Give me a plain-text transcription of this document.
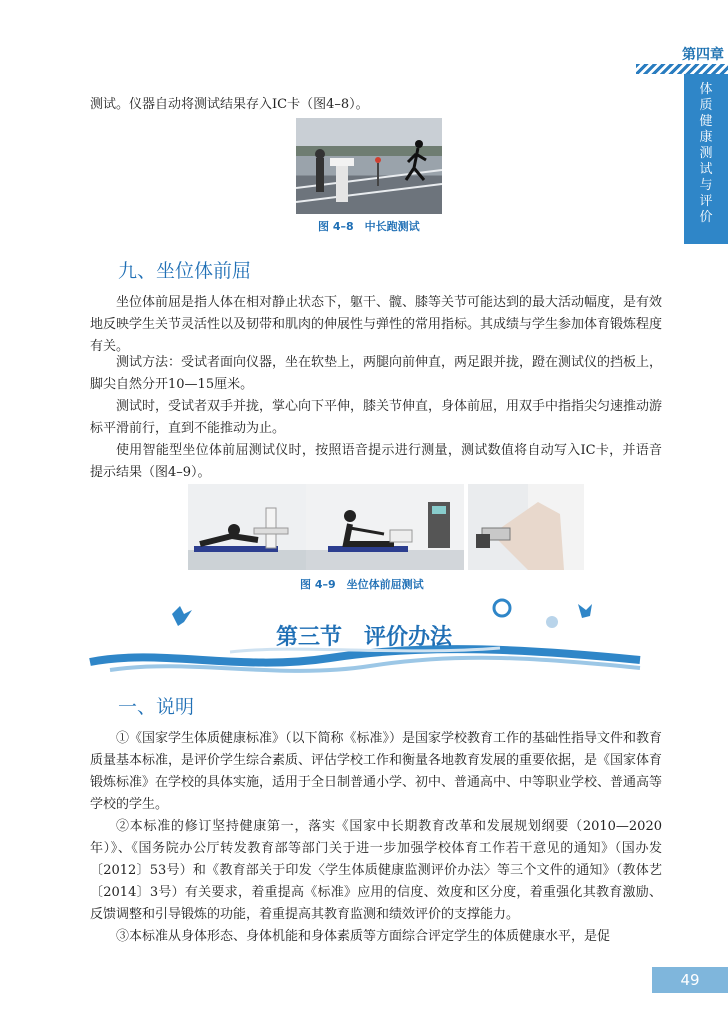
第四章
体质健康测试与评价

测试。仪器自动将测试结果存入IC卡（图4–8）。

图 4–8　中长跑测试
九、坐位体前屈

坐位体前屈是指人体在相对静止状态下，躯干、髋、膝等关节可能达到的最大活动幅度，是有效地反映学生关节灵活性以及韧带和肌肉的伸展性与弹性的常用指标。其成绩与学生参加体育锻炼程度有关。

测试方法：受试者面向仪器，坐在软垫上，两腿向前伸直，两足跟并拢，蹬在测试仪的挡板上，脚尖自然分开10—15厘米。

测试时，受试者双手并拢，掌心向下平伸，膝关节伸直，身体前屈，用双手中指指尖匀速推动游标平滑前行，直到不能推动为止。

使用智能型坐位体前屈测试仪时，按照语音提示进行测量，测试数值将自动写入IC卡，并语音提示结果（图4–9）。

图 4–9　坐位体前屈测试
第三节　评价办法
一、说明

①《国家学生体质健康标准》（以下简称《标准》）是国家学校教育工作的基础性指导文件和教育质量基本标准，是评价学生综合素质、评估学校工作和衡量各地教育发展的重要依据，是《国家体育锻炼标准》在学校的具体实施，适用于全日制普通小学、初中、普通高中、中等职业学校、普通高等学校的学生。

②本标准的修订坚持健康第一，落实《国家中长期教育改革和发展规划纲要（2010—2020年）》、《国务院办公厅转发教育部等部门关于进一步加强学校体育工作若干意见的通知》（国办发〔2012〕53号）和《教育部关于印发〈学生体质健康监测评价办法〉等三个文件的通知》（教体艺〔2014〕3号）有关要求，着重提高《标准》应用的信度、效度和区分度，着重强化其教育激励、反馈调整和引导锻炼的功能，着重提高其教育监测和绩效评价的支撑能力。

③本标准从身体形态、身体机能和身体素质等方面综合评定学生的体质健康水平，是促

49
